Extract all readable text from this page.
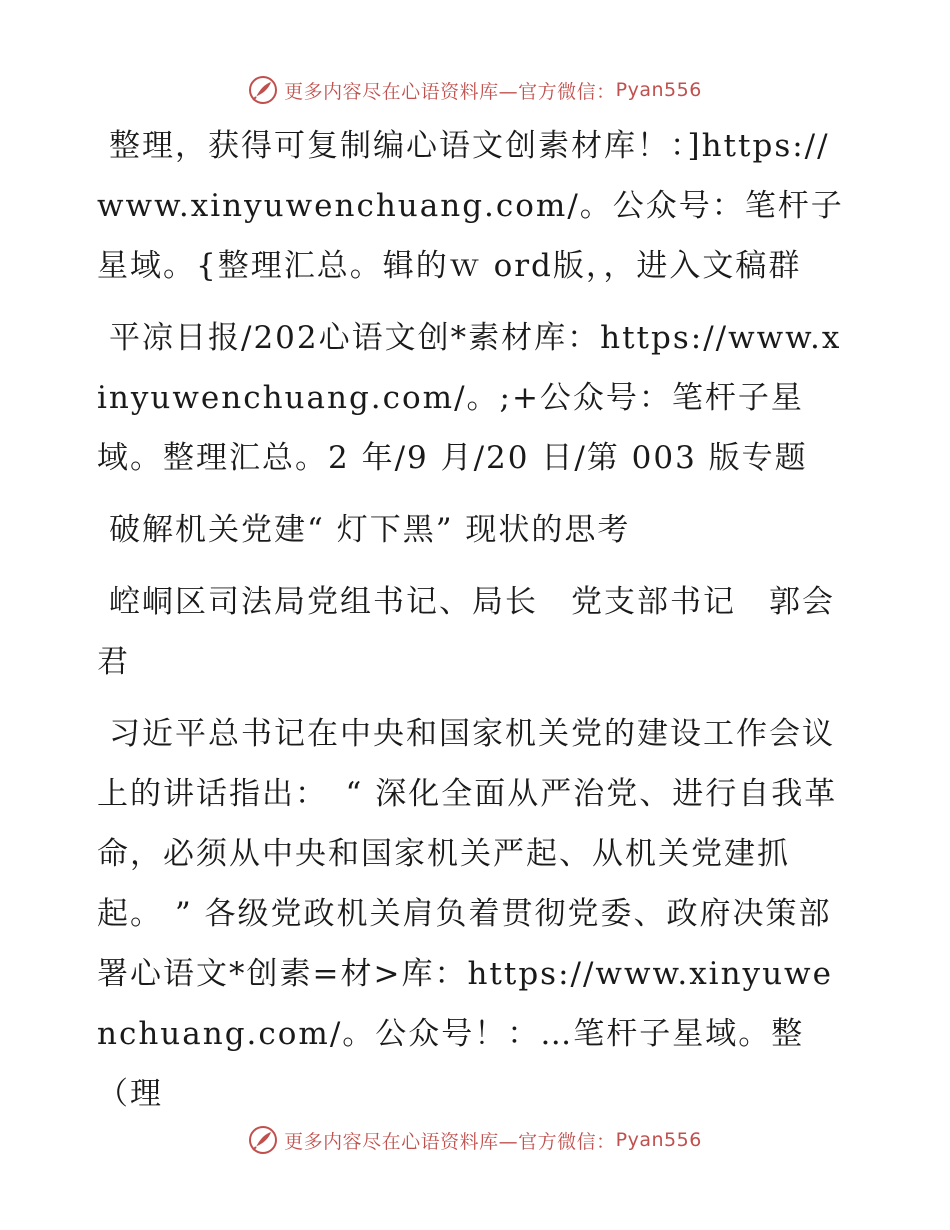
更多内容尽在心语资料库—官方微信： Pyan556

整理，获得可复制编心语文创素材库！：]https://www.xinyuwenchuang.com/。公众号：笔杆子星域。{整理汇总。辑的ｗ ord版，，进入文稿群

平凉日报/202心语文创*素材库：https://www.xinyuwenchuang.com/。;+公众号：笔杆子星域。整理汇总。2 年/9 月/20 日/第 003 版专题

破解机关党建“ 灯下黑” 现状的思考

崆峒区司法局党组书记、局长　党支部书记　郭会君

习近平总书记在中央和国家机关党的建设工作会议上的讲话指出：　“ 深化全面从严治党、进行自我革命，必须从中央和国家机关严起、从机关党建抓起。 ” 各级党政机关肩负着贯彻党委、政府决策部署心语文*创素=材>库：https://www.xinyuwenchuang.com/。公众号！：…笔杆子星域。整（理

更多内容尽在心语资料库—官方微信： Pyan556
